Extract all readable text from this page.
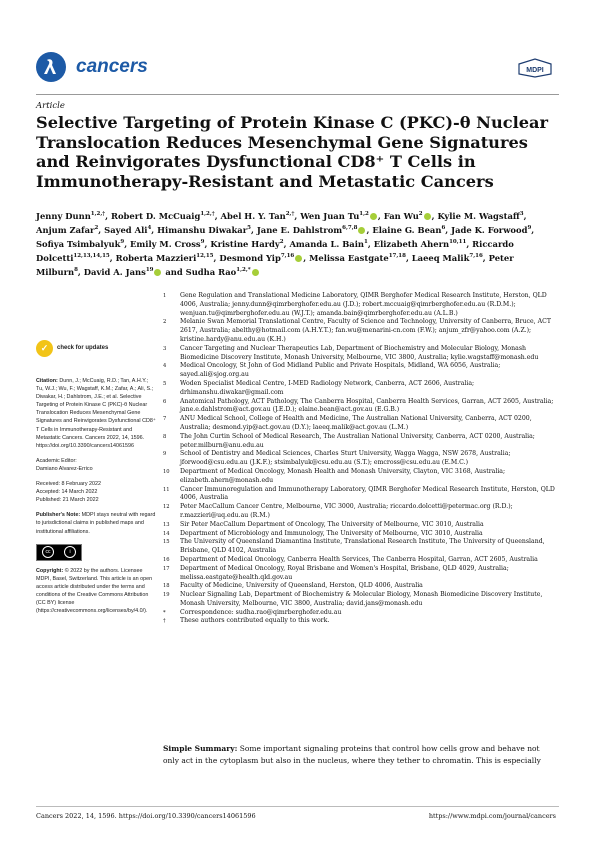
cancers	MDPI
Article
Selective Targeting of Protein Kinase C (PKC)-θ Nuclear Translocation Reduces Mesenchymal Gene Signatures and Reinvigorates Dysfunctional CD8⁺ T Cells in Immunotherapy-Resistant and Metastatic Cancers
Jenny Dunn$^{1,2,\dagger}$, Robert D. McCuaig$^{1,2,\dagger}$, Abel H. Y. Tan$^{2,\dagger}$, Wen Juan Tu$^{1,2}$ , Fan Wu$^2$ , Kylie M. Wagstaff$^3$, Anjum Zafar$^2$, Sayed Ali$^4$, Himanshu Diwakar$^5$, Jane E. Dahlstrom$^{6,7,8}$ , Elaine G. Bean$^6$, Jade K. Forwood$^9$, Sofiya Tsimbalyuk$^9$, Emily M. Cross$^9$, Kristine Hardy$^2$, Amanda L. Bain$^1$, Elizabeth Ahern$^{10,11}$, Riccardo Dolcetti$^{12,13,14,15}$, Roberta Mazzieri$^{12,15}$, Desmond Yip$^{7,16}$ , Melissa Eastgate$^{17,18}$, Laeeq Malik$^{7,16}$, Peter Milburn$^8$, David A. Jans$^{19}$ and Sudha Rao$^{1,2,*}$
1	Gene Regulation and Translational Medicine Laboratory, QIMR Berghofer Medical Research Institute, Herston, QLD 4006, Australia; jenny.dunn@qimrberghofer.edu.au (J.D.); robert.mccuaig@qimrberghofer.edu.au (R.D.M.); wenjuan.tu@qimrberghofer.edu.au (W.J.T.); amanda.bain@qimrberghofer.edu.au (A.L.B.)
2	Melanie Swan Memorial Translational Centre, Faculty of Science and Technology, University of Canberra, Bruce, ACT 2617, Australia; abelthy@hotmail.com (A.H.Y.T.); fan.wu@menarini-cn.com (F.W.); anjum_zfr@yahoo.com (A.Z.); kristine.hardy@anu.edu.au (K.H.)
3	Cancer Targeting and Nuclear Therapeutics Lab, Department of Biochemistry and Molecular Biology, Monash Biomedicine Discovery Institute, Monash University, Melbourne, VIC 3800, Australia; kylie.wagstaff@monash.edu
4	Medical Oncology, St John of God Midland Public and Private Hospitals, Midland, WA 6056, Australia; sayed.ali@sjog.org.au
5	Woden Specialist Medical Centre, I-MED Radiology Network, Canberra, ACT 2606, Australia; drhimanshu.diwakar@gmail.com
6	Anatomical Pathology, ACT Pathology, The Canberra Hospital, Canberra Health Services, Garran, ACT 2605, Australia; jane.e.dahlstrom@act.gov.au (J.E.D.); elaine.bean@act.gov.au (E.G.B.)
7	ANU Medical School, College of Health and Medicine, The Australian National University, Canberra, ACT 0200, Australia; desmond.yip@act.gov.au (D.Y.); laeeq.malik@act.gov.au (L.M.)
8	The John Curtin School of Medical Research, The Australian National University, Canberra, ACT 0200, Australia; peter.milburn@anu.edu.au
9	School of Dentistry and Medical Sciences, Charles Sturt University, Wagga Wagga, NSW 2678, Australia; jforwood@csu.edu.au (J.K.F.); stsimbalyuk@csu.edu.au (S.T.); emcross@csu.edu.au (E.M.C.)
10	Department of Medical Oncology, Monash Health and Monash University, Clayton, VIC 3168, Australia; elizabeth.ahern@monash.edu
11	Cancer Immunoregulation and Immunotherapy Laboratory, QIMR Berghofer Medical Research Institute, Herston, QLD 4006, Australia
12	Peter MacCallum Cancer Centre, Melbourne, VIC 3000, Australia; riccardo.dolcetti@petermac.org (R.D.); r.mazzieri@uq.edu.au (R.M.)
13	Sir Peter MacCallum Department of Oncology, The University of Melbourne, VIC 3010, Australia
14	Department of Microbiology and Immunology, The University of Melbourne, VIC 3010, Australia
15	The University of Queensland Diamantina Institute, Translational Research Institute, The University of Queensland, Brisbane, QLD 4102, Australia
16	Department of Medical Oncology, Canberra Health Services, The Canberra Hospital, Garran, ACT 2605, Australia
17	Department of Medical Oncology, Royal Brisbane and Women's Hospital, Brisbane, QLD 4029, Australia; melissa.eastgate@health.qld.gov.au
18	Faculty of Medicine, University of Queensland, Herston, QLD 4006, Australia
19	Nuclear Signaling Lab, Department of Biochemistry & Molecular Biology, Monash Biomedicine Discovery Institute, Monash University, Melbourne, VIC 3800, Australia; david.jans@monash.edu
*	Correspondence: sudha.rao@qimrberghofer.edu.au
†	These authors contributed equally to this work.
✓	check for updates
Citation: Dunn, J.; McCuaig, R.D.; Tan, A.H.Y.; Tu, W.J.; Wu, F.; Wagstaff, K.M.; Zafar, A.; Ali, S.; Diwakar, H.; Dahlstrom, J.E.; et al. Selective Targeting of Protein Kinase C (PKC)-θ Nuclear Translocation Reduces Mesenchymal Gene Signatures and Reinvigorates Dysfunctional CD8⁺ T Cells in Immunotherapy-Resistant and Metastatic Cancers. Cancers 2022, 14, 1596. https://doi.org/10.3390/cancers14061596
Academic Editor:
Damiano Alvarez-Errico
Received: 8 February 2022
Accepted: 14 March 2022
Published: 21 March 2022
Publisher's Note: MDPI stays neutral with regard to jurisdictional claims in published maps and institutional affiliations.
cc	i
Copyright: © 2022 by the authors. Licensee MDPI, Basel, Switzerland. This article is an open access article distributed under the terms and conditions of the Creative Commons Attribution (CC BY) license (https://creativecommons.org/licenses/by/4.0/).
Simple Summary: Some important signaling proteins that control how cells grow and behave not only act in the cytoplasm but also in the nucleus, where they tether to chromatin. This is especially
Cancers 2022, 14, 1596. https://doi.org/10.3390/cancers14061596	https://www.mdpi.com/journal/cancers
